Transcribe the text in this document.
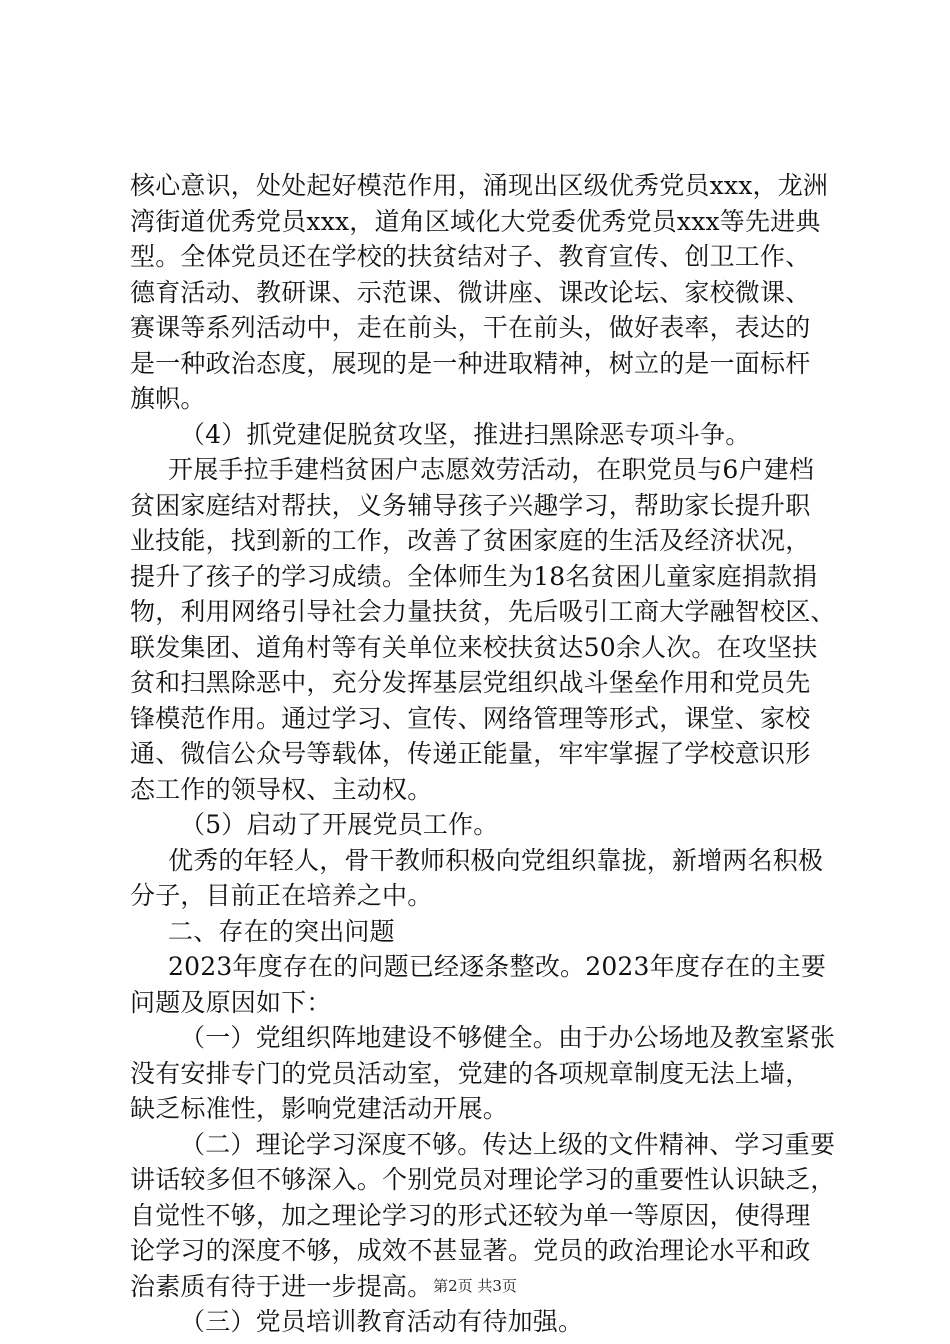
核心意识，处处起好模范作用，涌现出区级优秀党员xxx，龙洲
湾街道优秀党员xxx，道角区域化大党委优秀党员xxx等先进典
型。全体党员还在学校的扶贫结对子、教育宣传、创卫工作、
德育活动、教研课、示范课、微讲座、课改论坛、家校微课、
赛课等系列活动中，走在前头，干在前头，做好表率，表达的
是一种政治态度，展现的是一种进取精神，树立的是一面标杆
旗帜。
（4）抓党建促脱贫攻坚，推进扫黑除恶专项斗争。
开展手拉手建档贫困户志愿效劳活动，在职党员与6户建档
贫困家庭结对帮扶，义务辅导孩子兴趣学习，帮助家长提升职
业技能，找到新的工作，改善了贫困家庭的生活及经济状况，
提升了孩子的学习成绩。全体师生为18名贫困儿童家庭捐款捐
物，利用网络引导社会力量扶贫，先后吸引工商大学融智校区、
联发集团、道角村等有关单位来校扶贫达50余人次。在攻坚扶
贫和扫黑除恶中，充分发挥基层党组织战斗堡垒作用和党员先
锋模范作用。通过学习、宣传、网络管理等形式，课堂、家校
通、微信公众号等载体，传递正能量，牢牢掌握了学校意识形
态工作的领导权、主动权。
（5）启动了开展党员工作。
优秀的年轻人，骨干教师积极向党组织靠拢，新增两名积极
分子，目前正在培养之中。
二、存在的突出问题
2023年度存在的问题已经逐条整改。2023年度存在的主要
问题及原因如下：
（一）党组织阵地建设不够健全。由于办公场地及教室紧张
没有安排专门的党员活动室，党建的各项规章制度无法上墙，
缺乏标准性，影响党建活动开展。
（二）理论学习深度不够。传达上级的文件精神、学习重要
讲话较多但不够深入。个别党员对理论学习的重要性认识缺乏，
自觉性不够，加之理论学习的形式还较为单一等原因，使得理
论学习的深度不够，成效不甚显著。党员的政治理论水平和政
治素质有待于进一步提高。
（三）党员培训教育活动有待加强。
第2页 共3页
